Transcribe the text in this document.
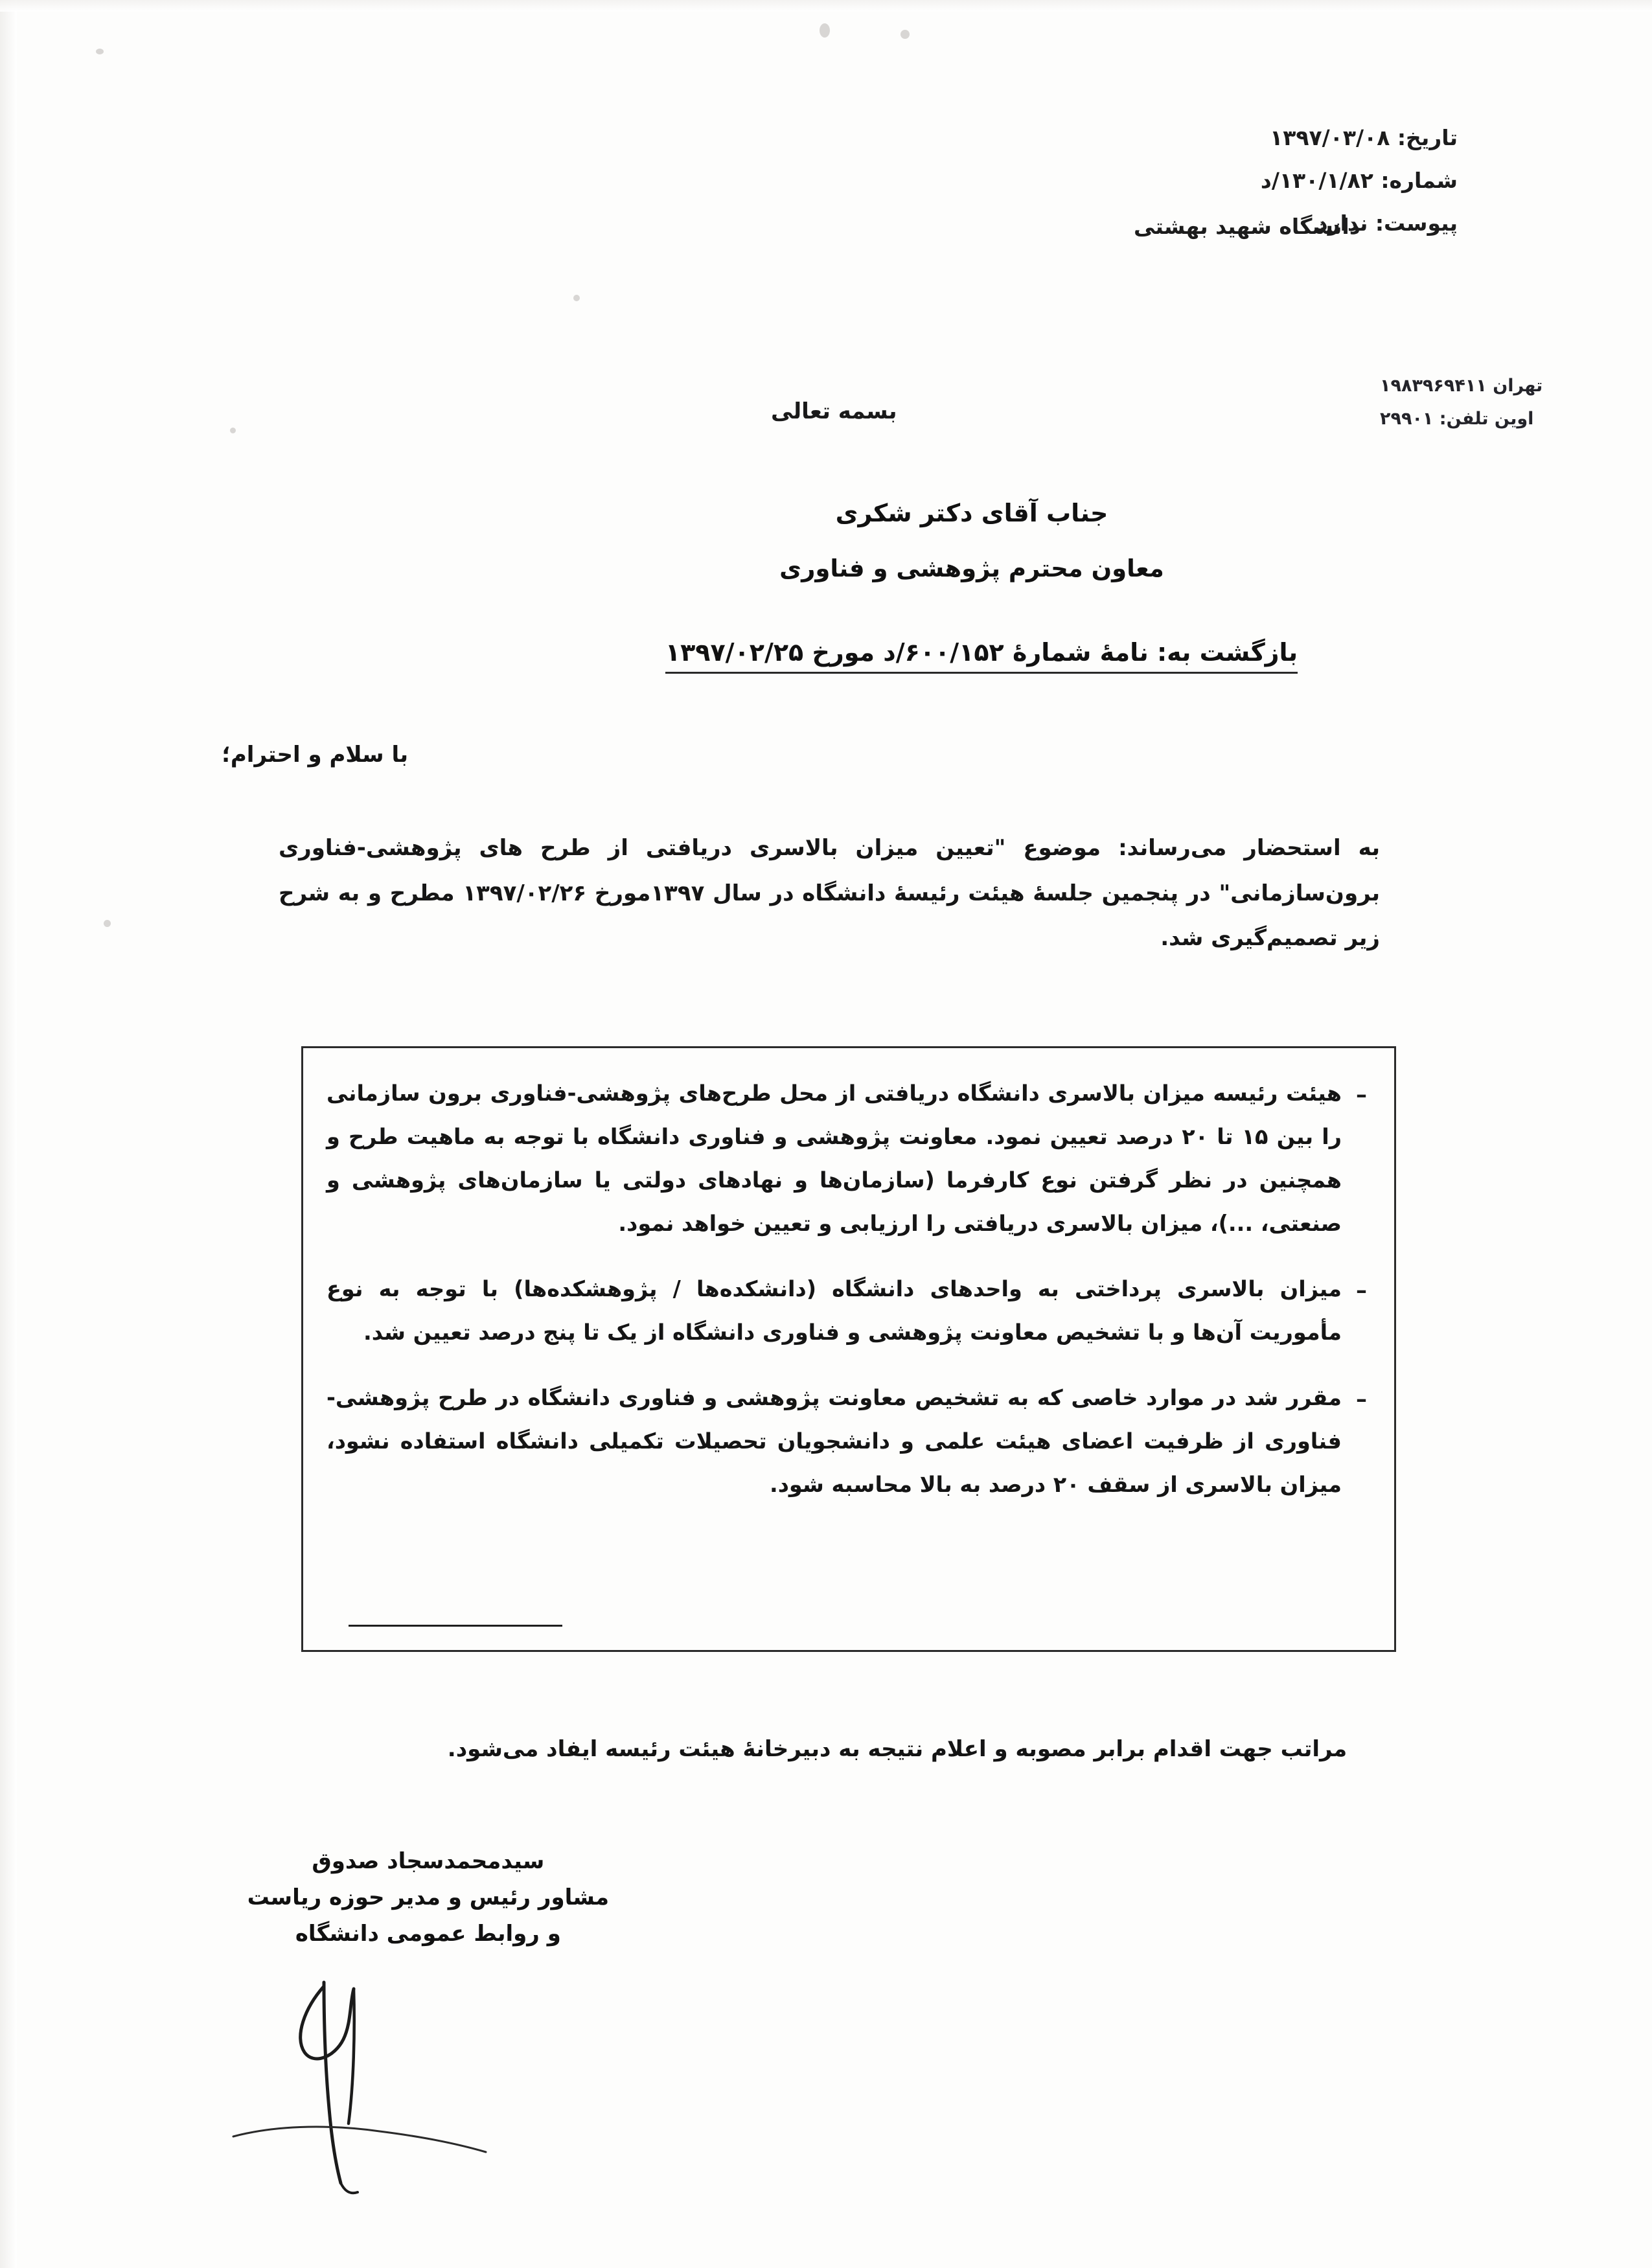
تاریخ: ۱۳۹۷/۰۳/۰۸
شماره: ۱۳۰/۱/۸۲/د
پیوست: ندارد
دانشگاه شهید بهشتی
تهران ۱۹۸۳۹۶۹۴۱۱
اوین تلفن: ۲۹۹۰۱
بسمه تعالی
جناب آقای دکتر شکری
معاون محترم پژوهشی و فناوری
بازگشت به: نامهٔ شمارهٔ ۶۰۰/۱۵۲/د مورخ ۱۳۹۷/۰۲/۲۵
با سلام و احترام؛
به استحضار می‌رساند: موضوع "تعیین میزان بالاسری دریافتی از طرح های پژوهشی-فناوری برون‌سازمانی" در پنجمین جلسهٔ هیئت رئیسهٔ دانشگاه در سال ۱۳۹۷مورخ ۱۳۹۷/۰۲/۲۶ مطرح و به شرح زیر تصمیم‌گیری شد.
–
هیئت رئیسه میزان بالاسری دانشگاه دریافتی از محل طرح‌های پژوهشی-فناوری برون سازمانی را بین ۱۵ تا ۲۰ درصد تعیین نمود. معاونت پژوهشی و فناوری دانشگاه با توجه به ماهیت طرح و همچنین در نظر گرفتن نوع کارفرما (سازمان‌ها و نهادهای دولتی یا سازمان‌های پژوهشی و صنعتی، ...)، میزان بالاسری دریافتی را ارزیابی و تعیین خواهد نمود.
–
میزان بالاسری پرداختی به واحدهای دانشگاه (دانشکده‌ها / پژوهشکده‌ها) با توجه به نوع مأموریت آن‌ها و با تشخیص معاونت پژوهشی و فناوری دانشگاه از یک تا پنج درصد تعیین شد.
–
مقرر شد در موارد خاصی که به تشخیص معاونت پژوهشی و فناوری دانشگاه در طرح پژوهشی-فناوری از ظرفیت اعضای هیئت علمی و دانشجویان تحصیلات تکمیلی دانشگاه استفاده نشود، میزان بالاسری از سقف ۲۰ درصد به بالا محاسبه شود.
مراتب جهت اقدام برابر مصوبه و اعلام نتیجه به دبیرخانهٔ هیئت رئیسه ایفاد می‌شود.
سیدمحمدسجاد صدوق
مشاور رئیس و مدیر حوزه ریاست
و روابط عمومی دانشگاه
